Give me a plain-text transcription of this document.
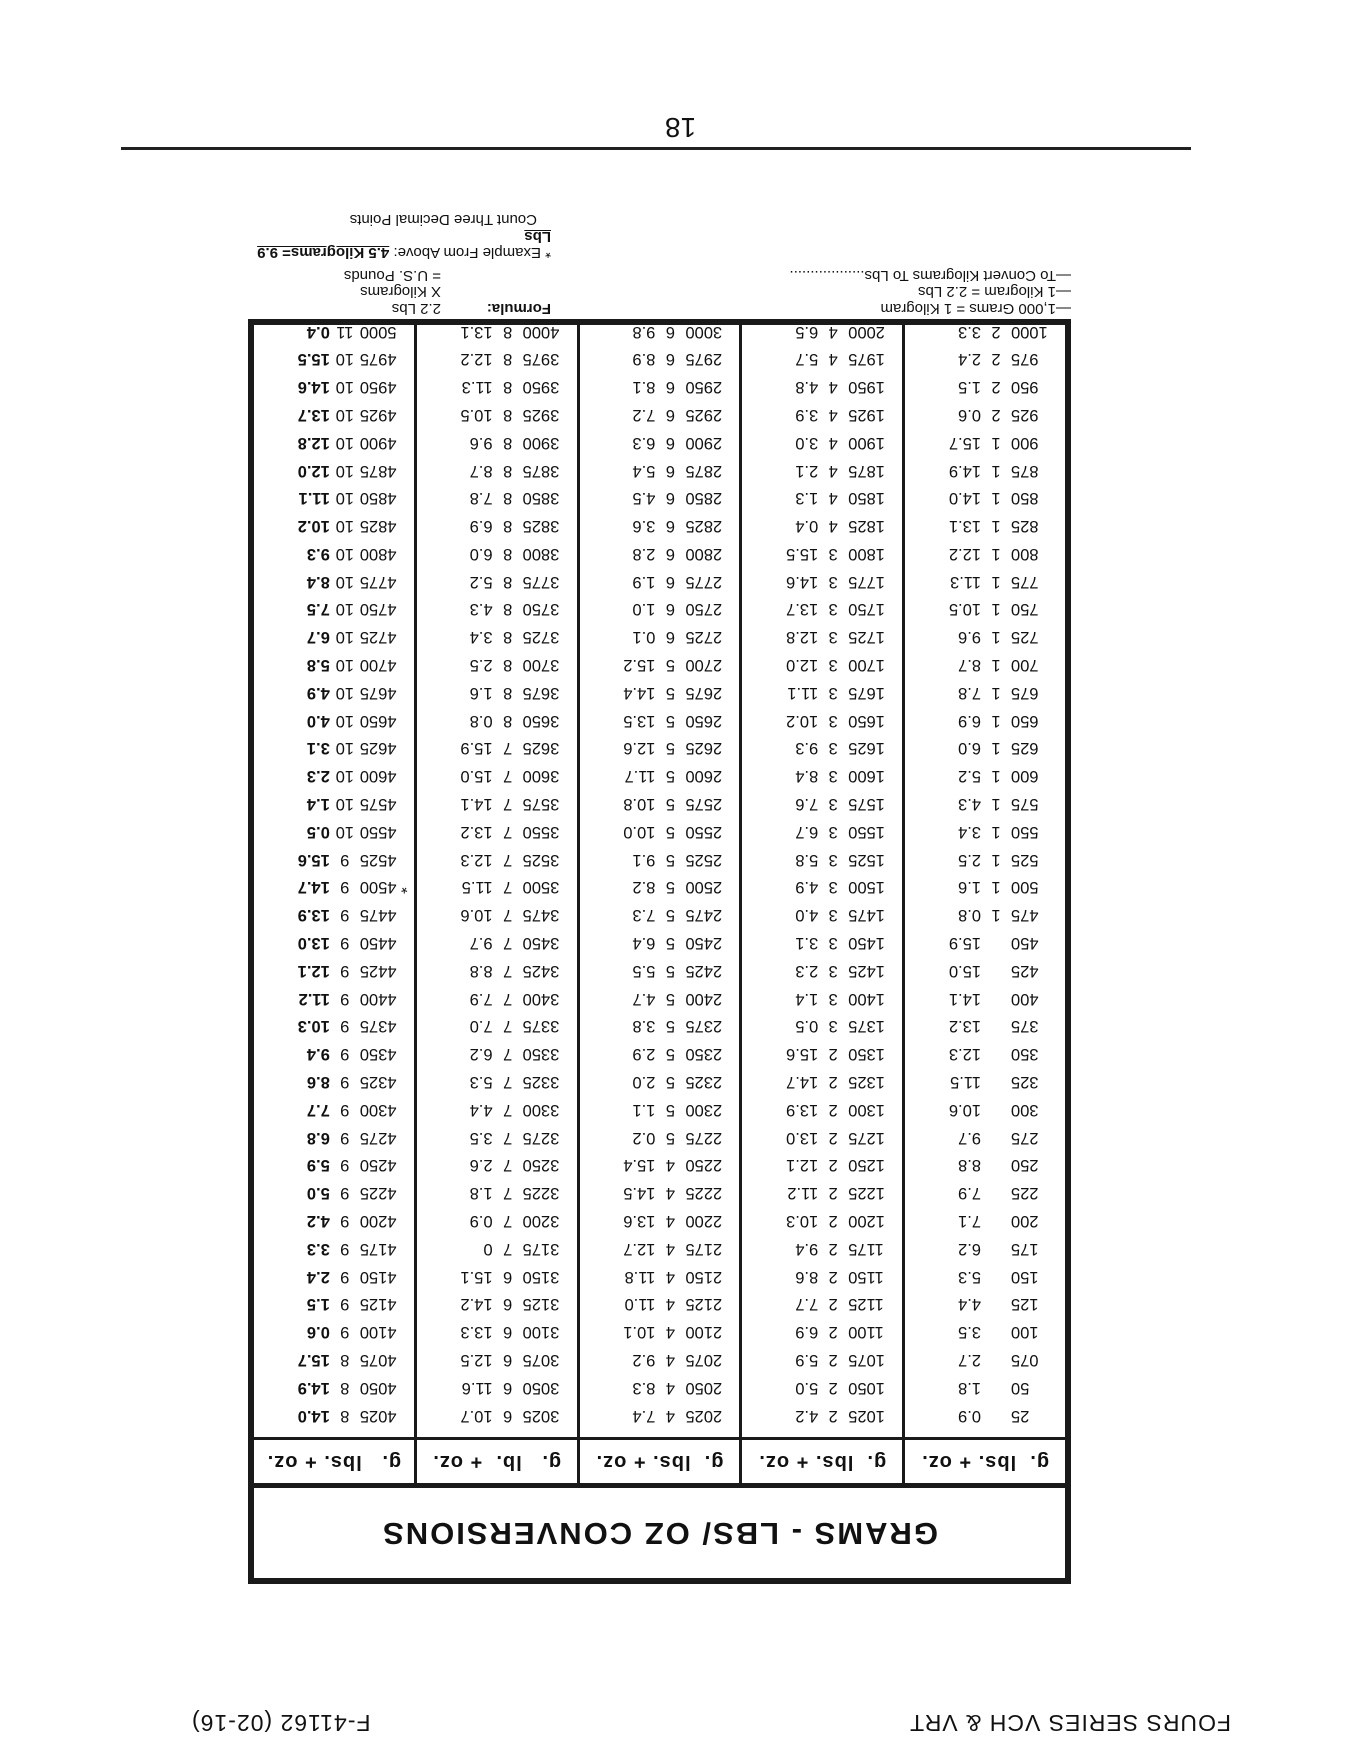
FOURS SERIES VCH & VRT
F-41162 (02-16)
18
GRAMS - LBS/ OZ CONVERSIONS
g.  lbs. + oz.
25
0.9
50
1.8
075
2.7
100
3.5
125
4.4
150
5.3
175
6.2
200
7.1
225
7.9
250
8.8
275
9.7
300
10.6
325
11.5
350
12.3
375
13.2
400
14.1
425
15.0
450
15.9
475
1
0.8
500
1
1.6
525
1
2.5
550
1
3.4
575
1
4.3
600
1
5.2
625
1
6.0
650
1
6.9
675
1
7.8
700
1
8.7
725
1
9.6
750
1
10.5
775
1
11.3
800
1
12.2
825
1
13.1
850
1
14.0
875
1
14.9
900
1
15.7
925
2
0.6
950
2
1.5
975
2
2.4
1000
2
3.3
g.  lbs. + oz.
1025
2
4.2
1050
2
5.0
1075
2
5.9
1100
2
6.9
1125
2
7.7
1150
2
8.6
1175
2
9.4
1200
2
10.3
1225
2
11.2
1250
2
12.1
1275
2
13.0
1300
2
13.9
1325
2
14.7
1350
2
15.6
1375
3
0.5
1400
3
1.4
1425
3
2.3
1450
3
3.1
1475
3
4.0
1500
3
4.9
1525
3
5.8
1550
3
6.7
1575
3
7.6
1600
3
8.4
1625
3
9.3
1650
3
10.2
1675
3
11.1
1700
3
12.0
1725
3
12.8
1750
3
13.7
1775
3
14.6
1800
3
15.5
1825
4
0.4
1850
4
1.3
1875
4
2.1
1900
4
3.0
1925
4
3.9
1950
4
4.8
1975
4
5.7
2000
4
6.5
g.  lbs. + oz.
2025
4
7.4
2050
4
8.3
2075
4
9.2
2100
4
10.1
2125
4
11.0
2150
4
11.8
2175
4
12.7
2200
4
13.6
2225
4
14.5
2250
4
15.4
2275
5
0.2
2300
5
1.1
2325
5
2.0
2350
5
2.9
2375
5
3.8
2400
5
4.7
2425
5
5.5
2450
5
6.4
2475
5
7.3
2500
5
8.2
2525
5
9.1
2550
5
10.0
2575
5
10.8
2600
5
11.7
2625
5
12.6
2650
5
13.5
2675
5
14.4
2700
5
15.2
2725
6
0.1
2750
6
1.0
2775
6
1.9
2800
6
2.8
2825
6
3.6
2850
6
4.5
2875
6
5.4
2900
6
6.3
2925
6
7.2
2950
6
8.1
2975
6
8.9
3000
6
9.8
g.   lb.  + oz.
3025
6
10.7
3050
6
11.6
3075
6
12.5
3100
6
13.3
3125
6
14.2
3150
6
15.1
3175
7
0
3200
7
0.9
3225
7
1.8
3250
7
2.6
3275
7
3.5
3300
7
4.4
3325
7
5.3
3350
7
6.2
3375
7
7.0
3400
7
7.9
3425
7
8.8
3450
7
9.7
3475
7
10.6
3500
7
11.5
3525
7
12.3
3550
7
13.2
3575
7
14.1
3600
7
15.0
3625
7
15.9
3650
8
0.8
3675
8
1.6
3700
8
2.5
3725
8
3.4
3750
8
4.3
3775
8
5.2
3800
8
6.0
3825
8
6.9
3850
8
7.8
3875
8
8.7
3900
8
9.6
3925
8
10.5
3950
8
11.3
3975
8
12.2
4000
8
13.1
g.   lbs. + oz.
4025
8
14.0
4050
8
14.9
4075
8
15.7
4100
9
0.6
4125
9
1.5
4150
9
2.4
4175
9
3.3
4200
9
4.2
4225
9
5.0
4250
9
5.9
4275
9
6.8
4300
9
7.7
4325
9
8.6
4350
9
9.4
4375
9
10.3
4400
9
11.2
4425
9
12.1
4450
9
13.0
4475
9
13.9
* 4500
9
14.7
4525
9
15.6
4550
10
0.5
4575
10
1.4
4600
10
2.3
4625
10
3.1
4650
10
4.0
4675
10
4.9
4700
10
5.8
4725
10
6.7
4750
10
7.5
4775
10
8.4
4800
10
9.3
4825
10
10.2
4850
10
11.1
4875
10
12.0
4900
10
12.8
4925
10
13.7
4950
10
14.6
4975
10
15.5
5000
11
0.4
—1,000 Grams = 1 Kilogram
—1 Kilogram = 2.2 Lbs
—To Convert Kilograms To Lbs..................
Formula:
2.2 Lbs
X Kilograms
= U.S. Pounds
* Example From Above: 4.5 Kilograms= 9.9 Lbs
Count Three Decimal Points
